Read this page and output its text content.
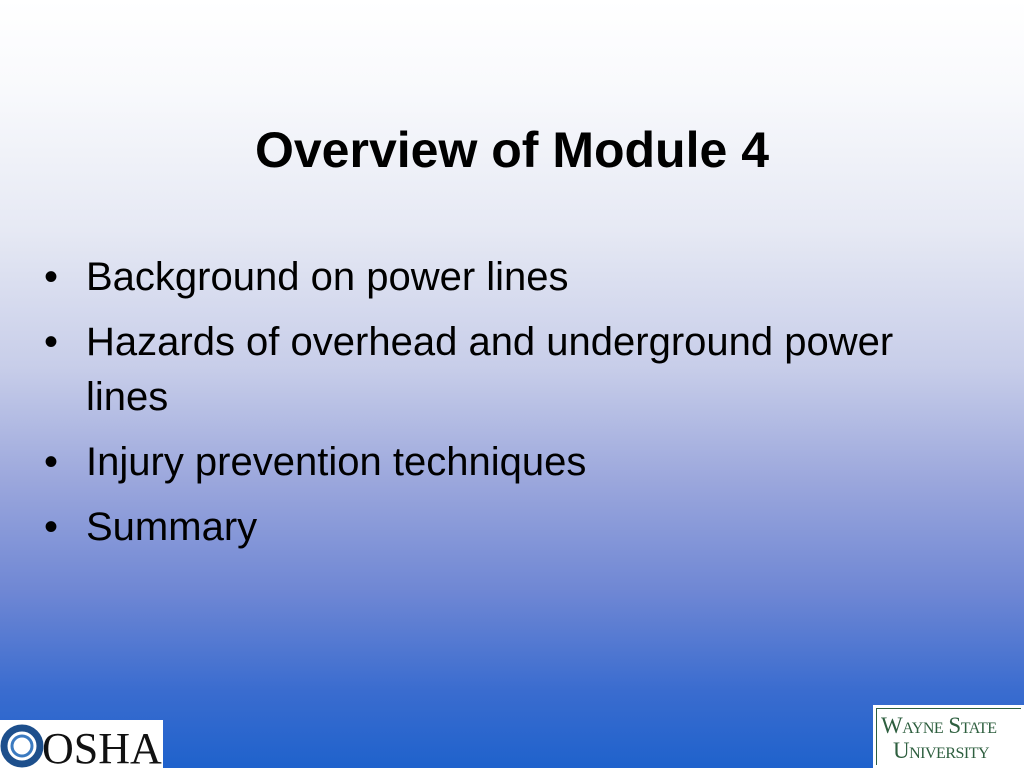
Overview of Module 4
• Background on power lines
• Hazards of overhead and underground power lines
• Injury prevention techniques
• Summary
OSHA	Wayne State
University
